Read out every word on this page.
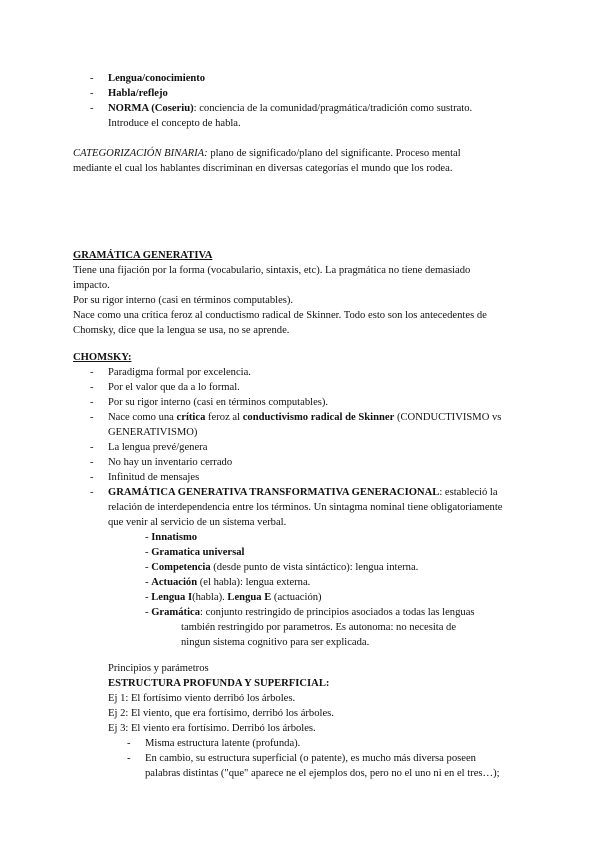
- Lengua/conocimiento
- Habla/reflejo
- NORMA (Coseriu): conciencia de la comunidad/pragmática/tradición como sustrato.
Introduce el concepto de habla.
CATEGORIZACIÓN BINARIA: plano de significado/plano del significante. Proceso mental
mediante el cual los hablantes discriminan en diversas categorías el mundo que los rodea.
GRAMÁTICA GENERATIVA
Tiene una fijación por la forma (vocabulario, sintaxis, etc). La pragmática no tiene demasiado
impacto.
Por su rigor interno (casi en términos computables).
Nace como una crítica feroz al conductismo radical de Skinner. Todo esto son los antecedentes de
Chomsky, dice que la lengua se usa, no se aprende.
CHOMSKY:
- Paradigma formal por excelencia.
- Por el valor que da a lo formal.
- Por su rigor interno (casi en términos computables).
- Nace como una crítica feroz al conductivismo radical de Skinner (CONDUCTIVISMO vs
GENERATIVISMO)
- La lengua prevé/genera
- No hay un inventario cerrado
- Infinitud de mensajes
- GRAMÁTICA GENERATIVA TRANSFORMATIVA GENERACIONAL: estableció la
relación de interdependencia entre los términos. Un sintagma nominal tiene obligatoriamente
que venir al servicio de un sistema verbal.
- Innatismo
- Gramatica universal
- Competencia (desde punto de vista sintáctico): lengua interna.
- Actuación (el habla): lengua externa.
- Lengua I(habla). Lengua E (actuación)
- Gramática: conjunto restringido de principios asociados a todas las lenguas
también restringido por parametros. Es autonoma: no necesita de
ningun sistema cognitivo para ser explicada.
Principios y parámetros
ESTRUCTURA PROFUNDA Y SUPERFICIAL:
Ej 1: El fortísimo viento derribó los árboles.
Ej 2: El viento, que era fortísimo, derribó los árboles.
Ej 3: El viento era fortísimo. Derribó los árboles.
- Misma estructura latente (profunda).
- En cambio, su estructura superficial (o patente), es mucho más diversa poseen
palabras distintas ("que" aparece ne el ejemplos dos, pero no el uno ni en el tres…);
